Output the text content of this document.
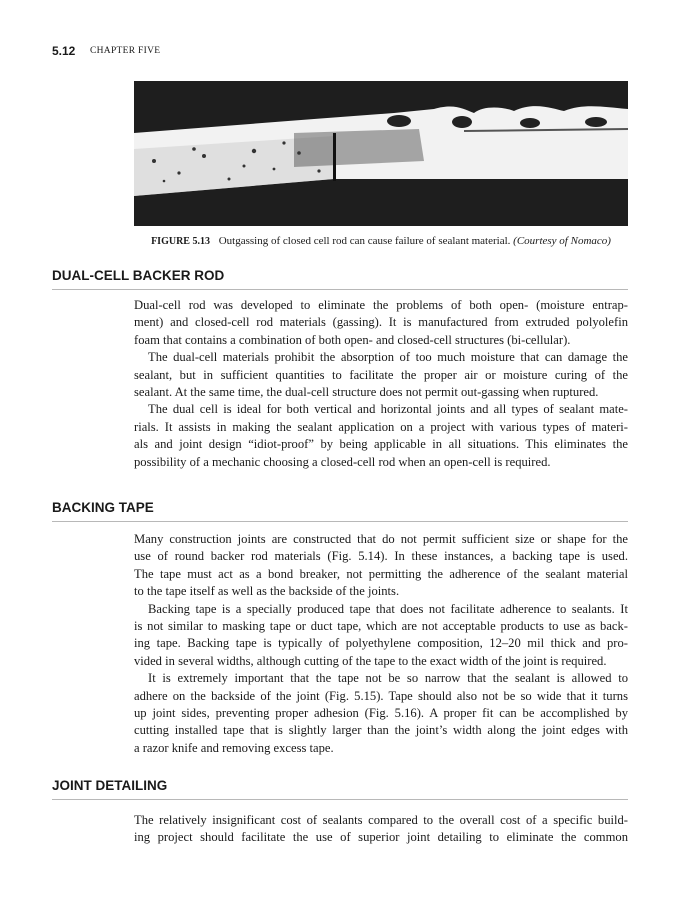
5.12 CHAPTER FIVE
FIGURE 5.13 Outgassing of closed cell rod can cause failure of sealant material. (Courtesy of Nomaco)
DUAL-CELL BACKER ROD
Dual-cell rod was developed to eliminate the problems of both open- (moisture entrap-
ment) and closed-cell rod materials (gassing). It is manufactured from extruded polyolefin
foam that contains a combination of both open- and closed-cell structures (bi-cellular).
The dual-cell materials prohibit the absorption of too much moisture that can damage the
sealant, but in sufficient quantities to facilitate the proper air or moisture curing of the
sealant. At the same time, the dual-cell structure does not permit out-gassing when ruptured.
The dual cell is ideal for both vertical and horizontal joints and all types of sealant mate-
rials. It assists in making the sealant application on a project with various types of materi-
als and joint design “idiot-proof” by being applicable in all situations. This eliminates the
possibility of a mechanic choosing a closed-cell rod when an open-cell is required.
BACKING TAPE
Many construction joints are constructed that do not permit sufficient size or shape for the
use of round backer rod materials (Fig. 5.14). In these instances, a backing tape is used.
The tape must act as a bond breaker, not permitting the adherence of the sealant material
to the tape itself as well as the backside of the joints.
Backing tape is a specially produced tape that does not facilitate adherence to sealants. It
is not similar to masking tape or duct tape, which are not acceptable products to use as back-
ing tape. Backing tape is typically of polyethylene composition, 12–20 mil thick and pro-
vided in several widths, although cutting of the tape to the exact width of the joint is required.
It is extremely important that the tape not be so narrow that the sealant is allowed to
adhere on the backside of the joint (Fig. 5.15). Tape should also not be so wide that it turns
up joint sides, preventing proper adhesion (Fig. 5.16). A proper fit can be accomplished by
cutting installed tape that is slightly larger than the joint’s width along the joint edges with
a razor knife and removing excess tape.
JOINT DETAILING
The relatively insignificant cost of sealants compared to the overall cost of a specific build-
ing project should facilitate the use of superior joint detailing to eliminate the common
